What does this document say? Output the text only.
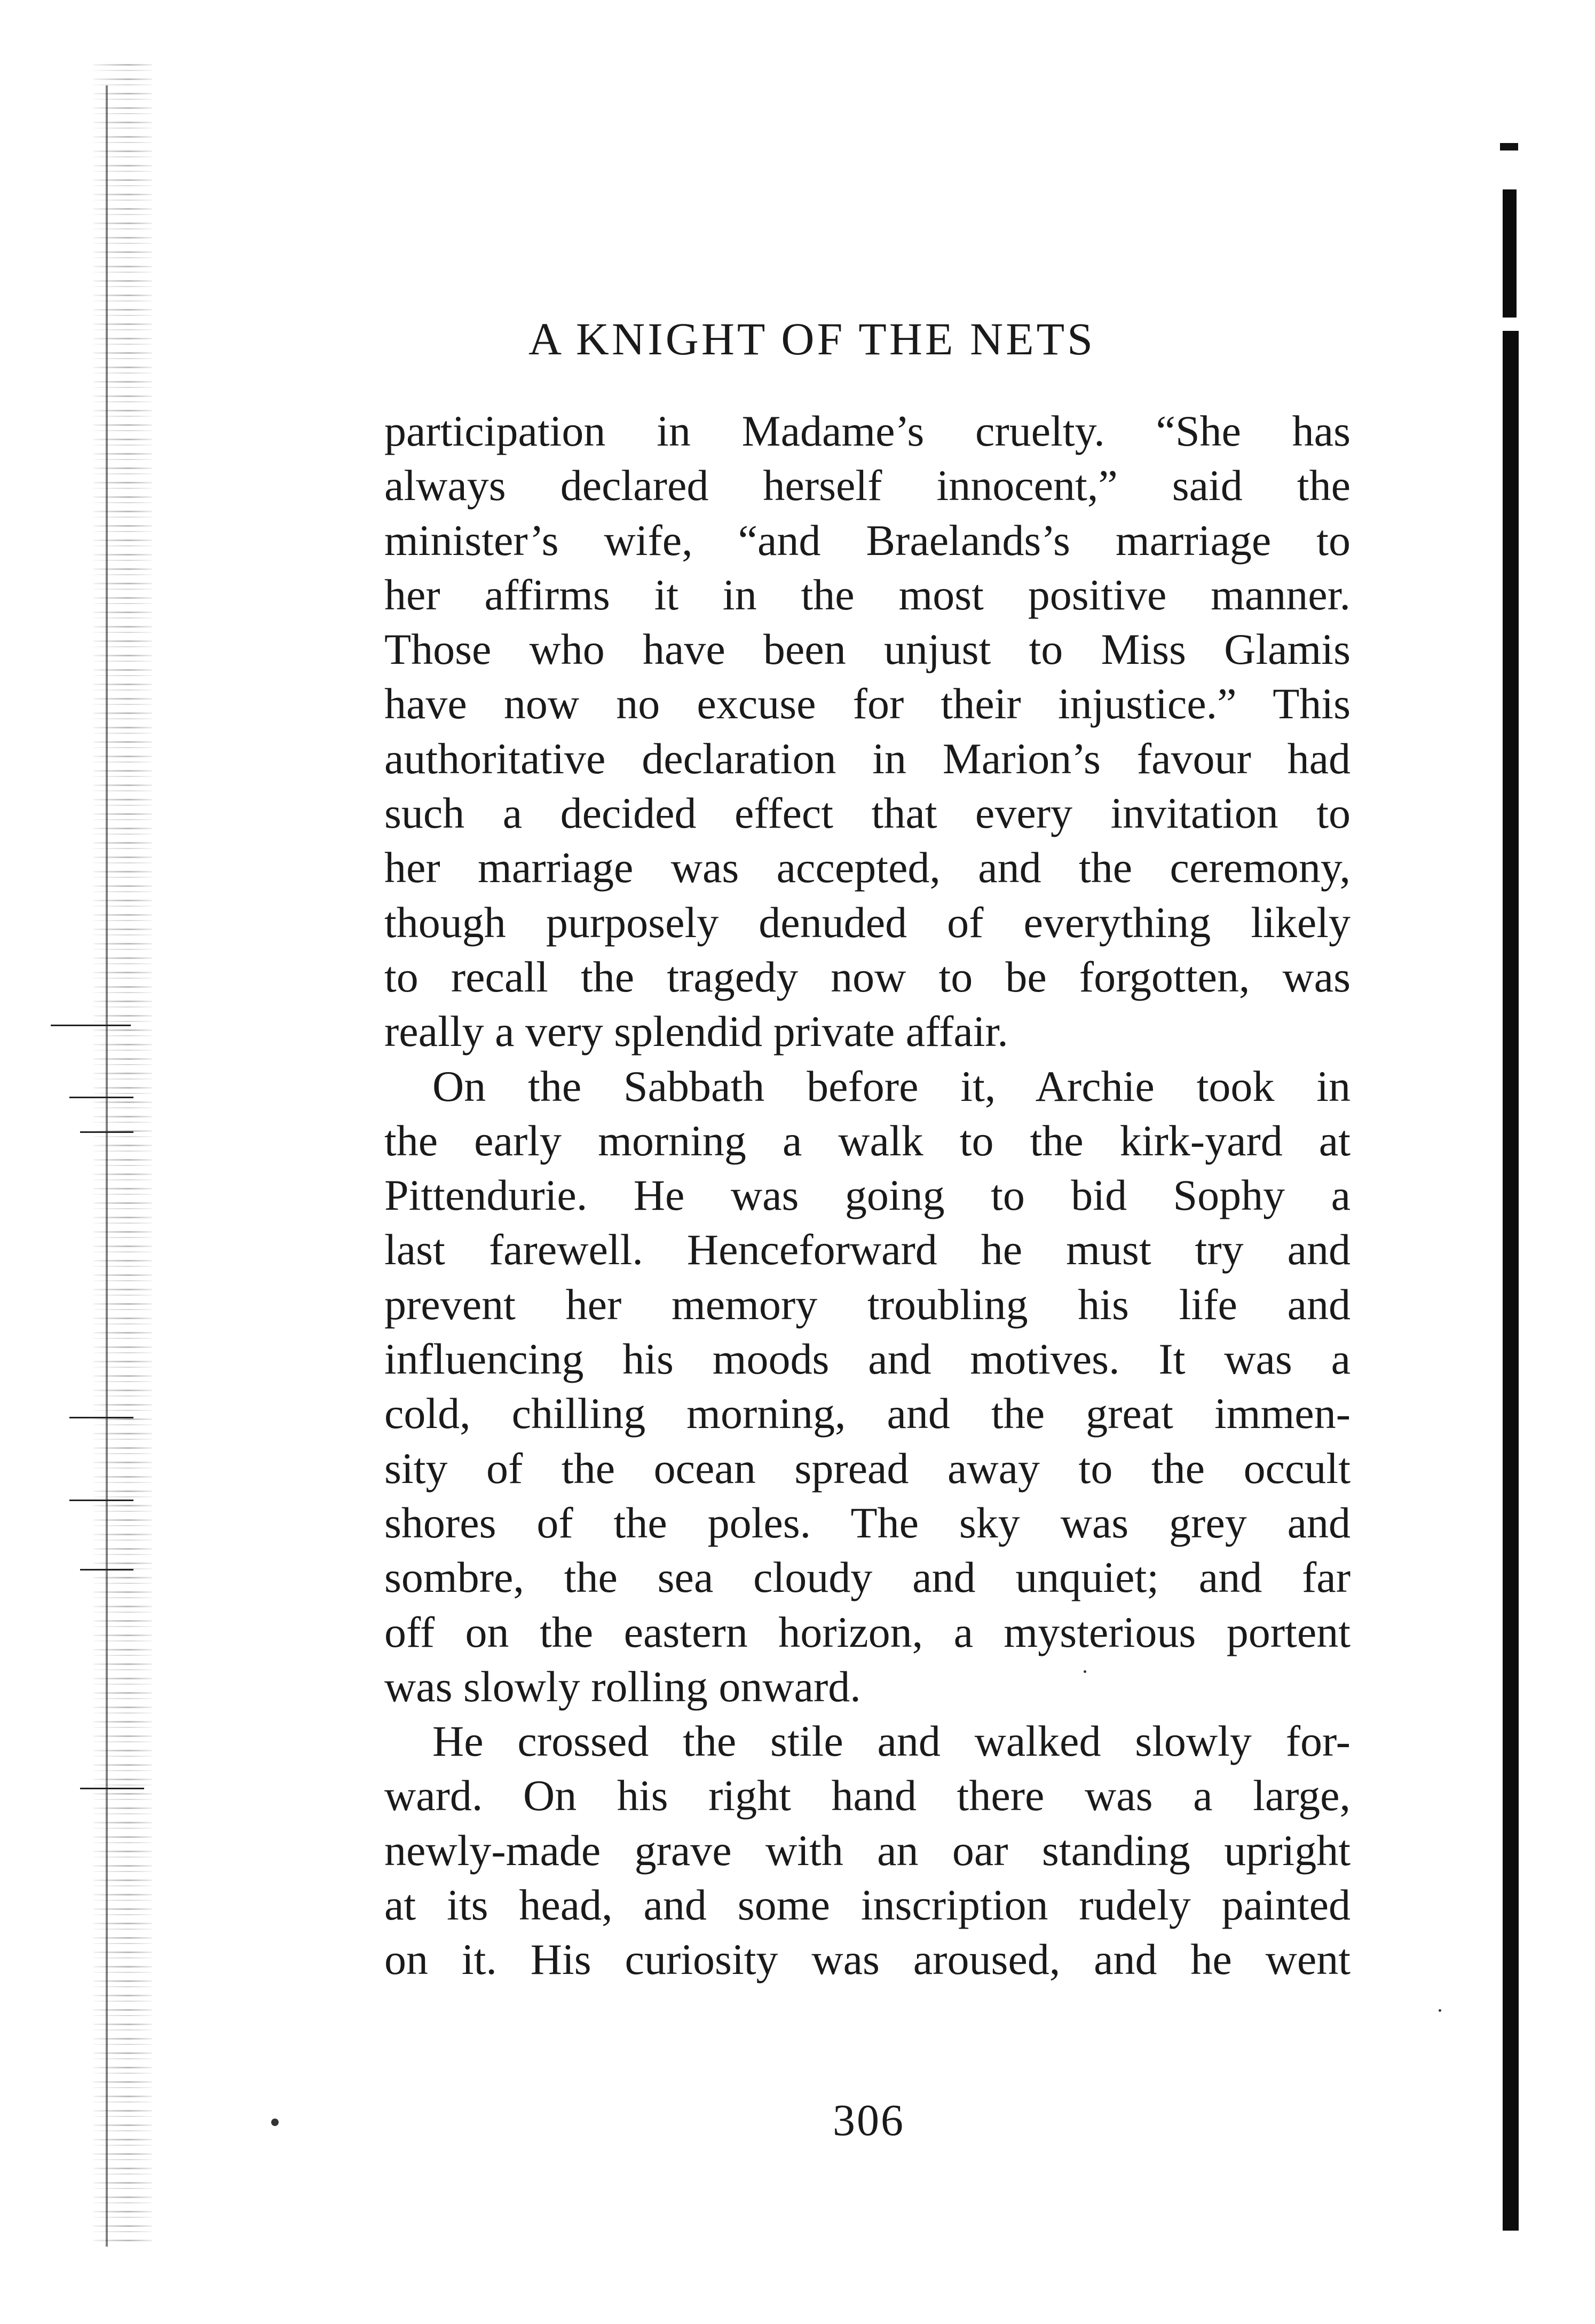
A KNIGHT OF THE NETS
participation in Madame’s cruelty. “She has
always declared herself innocent,” said the
minister’s wife, “and Braelands’s marriage to
her affirms it in the most positive manner.
Those who have been unjust to Miss Glamis
have now no excuse for their injustice.” This
authoritative declaration in Marion’s favour had
such a decided effect that every invitation to
her marriage was accepted, and the ceremony,
though purposely denuded of everything likely
to recall the tragedy now to be forgotten, was
really a very splendid private affair.
On the Sabbath before it, Archie took in
the early morning a walk to the kirk-yard at
Pittendurie. He was going to bid Sophy a
last farewell. Henceforward he must try and
prevent her memory troubling his life and
influencing his moods and motives. It was a
cold, chilling morning, and the great immen-
sity of the ocean spread away to the occult
shores of the poles. The sky was grey and
sombre, the sea cloudy and unquiet; and far
off on the eastern horizon, a mysterious portent
was slowly rolling onward.
He crossed the stile and walked slowly for-
ward. On his right hand there was a large,
newly-made grave with an oar standing upright
at its head, and some inscription rudely painted
on it. His curiosity was aroused, and he went
306
